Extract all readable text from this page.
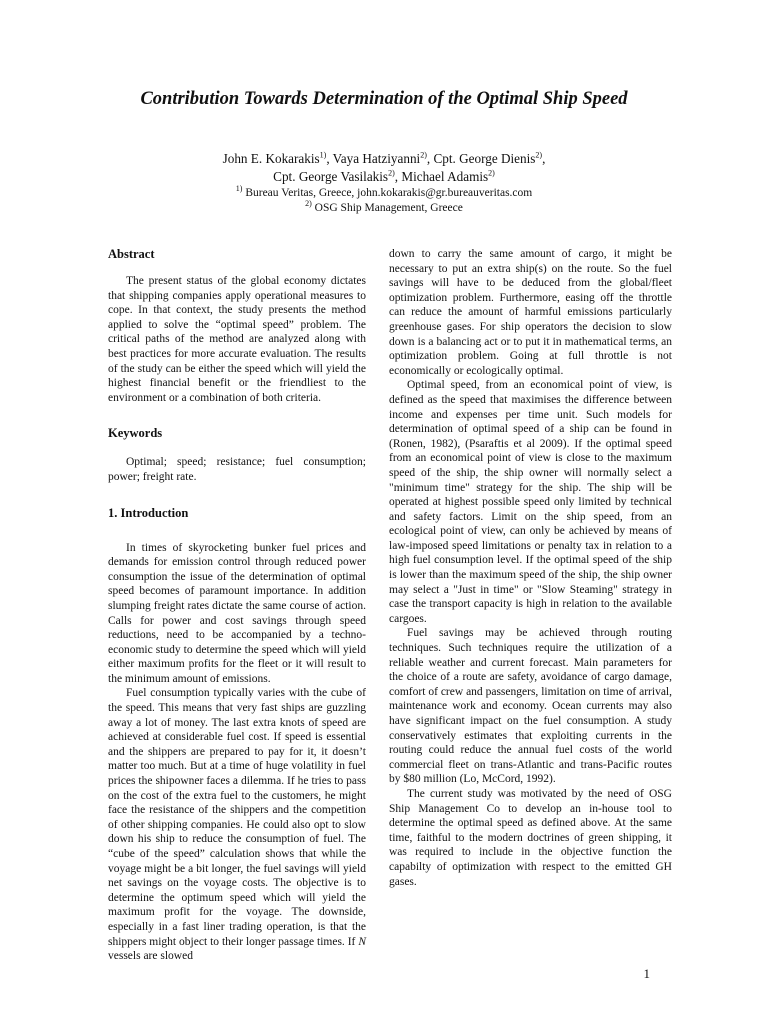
Contribution Towards Determination of the Optimal Ship Speed
John E. Kokarakis$^{1)}$, Vaya Hatziyanni$^{2)}$, Cpt. George Dienis$^{2)}$,
Cpt. George Vasilakis$^{2)}$, Michael Adamis$^{2)}$
$^{1)}$ Bureau Veritas, Greece, john.kokarakis@gr.bureauveritas.com
$^{2)}$ OSG Ship Management, Greece
Abstract

The present status of the global economy dictates that shipping companies apply operational measures to cope. In that context, the study presents the method applied to solve the “optimal speed” problem. The critical paths of the method are analyzed along with best practices for more accurate evaluation. The results of the study can be either the speed which will yield the highest financial benefit or the friendliest to the environment or a combination of both criteria.

Keywords

Optimal; speed; resistance; fuel consumption; power; freight rate.

1. Introduction

In times of skyrocketing bunker fuel prices and demands for emission control through reduced power consumption the issue of the determination of optimal speed becomes of paramount importance. In addition slumping freight rates dictate the same course of action. Calls for power and cost savings through speed reductions, need to be accompanied by a techno-economic study to determine the speed which will yield either maximum profits for the fleet or it will result to the minimum amount of emissions.

Fuel consumption typically varies with the cube of the speed. This means that very fast ships are guzzling away a lot of money. The last extra knots of speed are achieved at considerable fuel cost. If speed is essential and the shippers are prepared to pay for it, it doesn’t matter too much. But at a time of huge volatility in fuel prices the shipowner faces a dilemma. If he tries to pass on the cost of the extra fuel to the customers, he might face the resistance of the shippers and the competition of other shipping companies. He could also opt to slow down his ship to reduce the consumption of fuel. The “cube of the speed” calculation shows that while the voyage might be a bit longer, the fuel savings will yield net savings on the voyage costs. The objective is to determine the optimum speed which will yield the maximum profit for the voyage. The downside, especially in a fast liner trading operation, is that the shippers might object to their longer passage times. If N vessels are slowed

down to carry the same amount of cargo, it might be necessary to put an extra ship(s) on the route. So the fuel savings will have to be deduced from the global/fleet optimization problem. Furthermore, easing off the throttle can reduce the amount of harmful emissions particularly greenhouse gases. For ship operators the decision to slow down is a balancing act or to put it in mathematical terms, an optimization problem. Going at full throttle is not economically or ecologically optimal.

Optimal speed, from an economical point of view, is defined as the speed that maximises the difference between income and expenses per time unit. Such models for determination of optimal speed of a ship can be found in (Ronen, 1982), (Psaraftis et al 2009). If the optimal speed from an economical point of view is close to the maximum speed of the ship, the ship owner will normally select a "minimum time" strategy for the ship. The ship will be operated at highest possible speed only limited by technical and safety factors. Limit on the ship speed, from an ecological point of view, can only be achieved by means of law-imposed speed limitations or penalty tax in relation to a high fuel consumption level. If the optimal speed of the ship is lower than the maximum speed of the ship, the ship owner may select a "Just in time" or "Slow Steaming" strategy in case the transport capacity is high in relation to the available cargoes.

Fuel savings may be achieved through routing techniques. Such techniques require the utilization of a reliable weather and current forecast. Main parameters for the choice of a route are safety, avoidance of cargo damage, comfort of crew and passengers, limitation on time of arrival, maintenance work and economy. Ocean currents may also have significant impact on the fuel consumption. A study conservatively estimates that exploiting currents in the routing could reduce the annual fuel costs of the world commercial fleet on trans-Atlantic and trans-Pacific routes by $80 million (Lo, McCord, 1992).

The current study was motivated by the need of OSG Ship Management Co to develop an in-house tool to determine the optimal speed as defined above. At the same time, faithful to the modern doctrines of green shipping, it was required to include in the objective function the capabilty of optimization with respect to the emitted GH gases.

1
